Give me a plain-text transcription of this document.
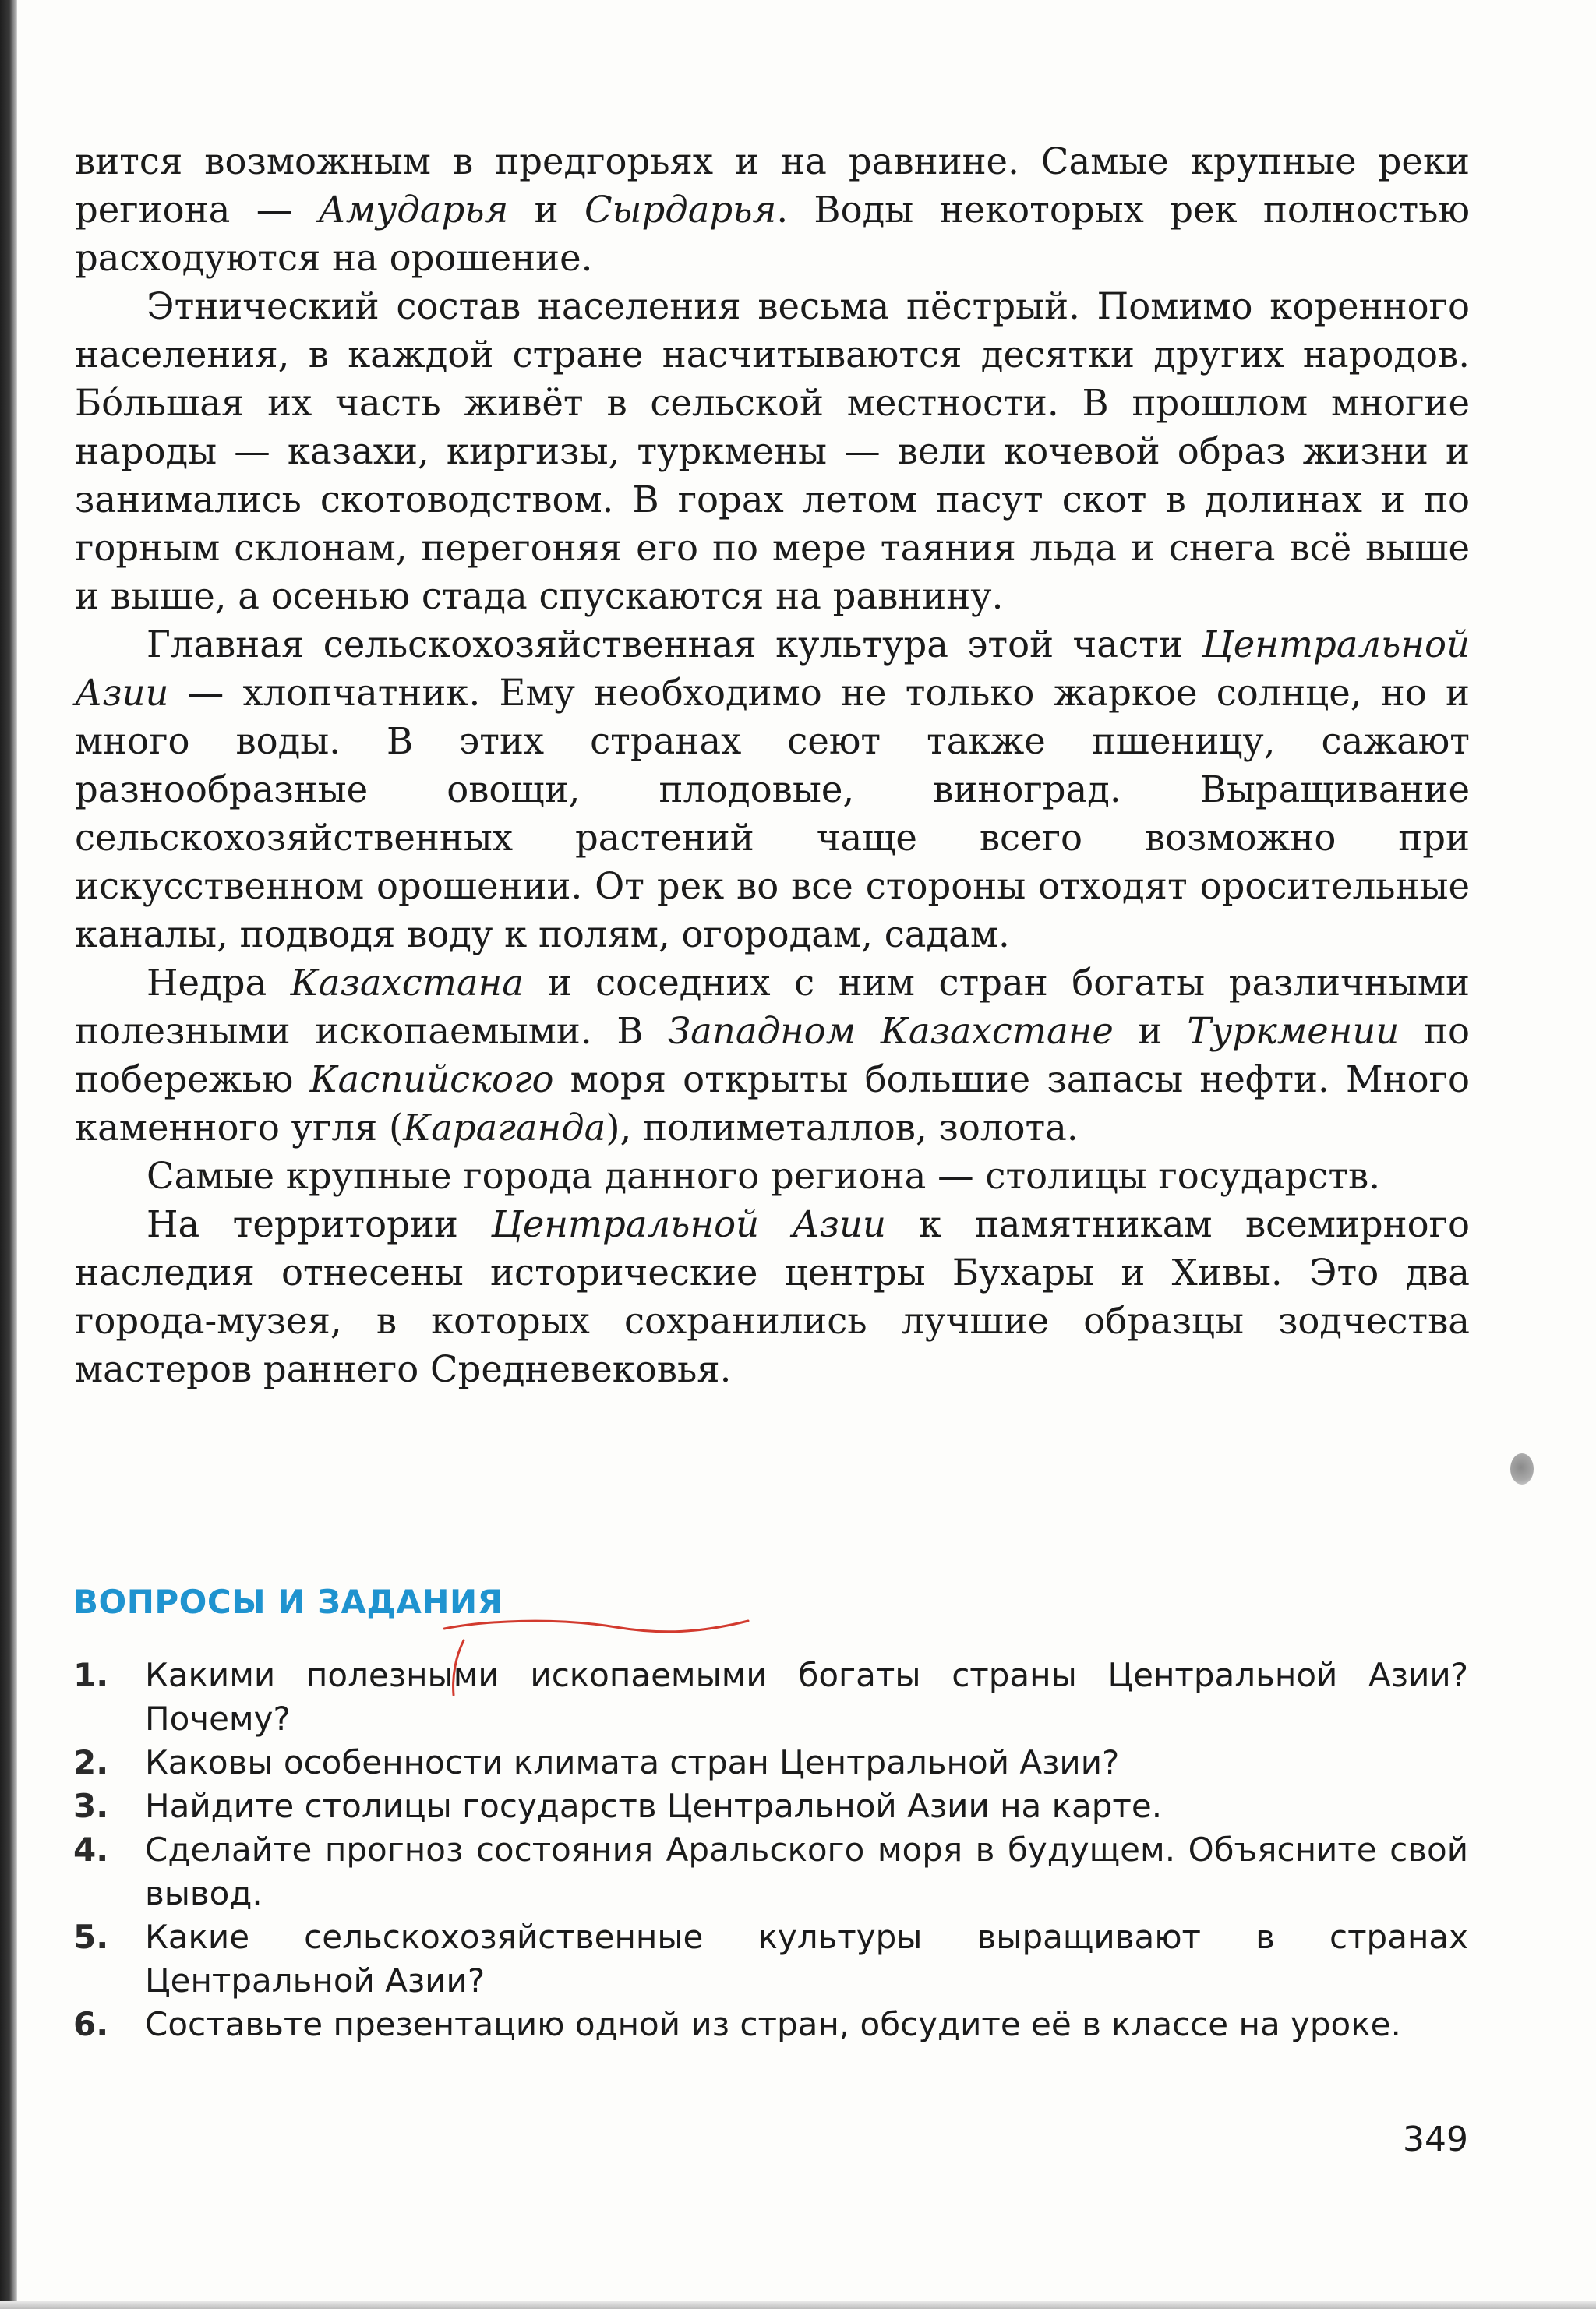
вится возможным в предгорьях и на равнине. Самые крупные реки региона — Амударья и Сырдарья. Воды некоторых рек полностью расходуются на орошение.

Этнический состав населения весьма пёстрый. Помимо коренного населения, в каждой стране насчитываются десятки других народов. Бо́льшая их часть живёт в сельской местности. В прошлом многие народы — казахи, киргизы, туркмены — вели кочевой образ жизни и занимались скотоводством. В горах летом пасут скот в долинах и по горным склонам, перегоняя его по мере таяния льда и снега всё выше и выше, а осенью стада спускаются на равнину.

Главная сельскохозяйственная культура этой части Центральной Азии — хлопчатник. Ему необходимо не только жаркое солнце, но и много воды. В этих странах сеют также пшеницу, сажают разнообразные овощи, плодовые, виноград. Выращивание сельскохозяйственных растений чаще всего возможно при искусственном орошении. От рек во все стороны отходят оросительные каналы, подводя воду к полям, огородам, садам.

Недра Казахстана и соседних с ним стран богаты различными полезными ископаемыми. В Западном Казахстане и Туркмении по побережью Каспийского моря открыты большие запасы нефти. Много каменного угля (Караганда), полиметаллов, золота.

Самые крупные города данного региона — столицы государств.

На территории Центральной Азии к памятникам всемирного наследия отнесены исторические центры Бухары и Хивы. Это два города-музея, в которых сохранились лучшие образцы зодчества мастеров раннего Средневековья.

ВОПРОСЫ И ЗАДАНИЯ
1. Какими полезными ископаемыми богаты страны Центральной Азии? Почему?
2. Каковы особенности климата стран Центральной Азии?
3. Найдите столицы государств Центральной Азии на карте.
4. Сделайте прогноз состояния Аральского моря в будущем. Объясните свой вывод.
5. Какие сельскохозяйственные культуры выращивают в странах Центральной Азии?
6. Составьте презентацию одной из стран, обсудите её в классе на уроке.
349
